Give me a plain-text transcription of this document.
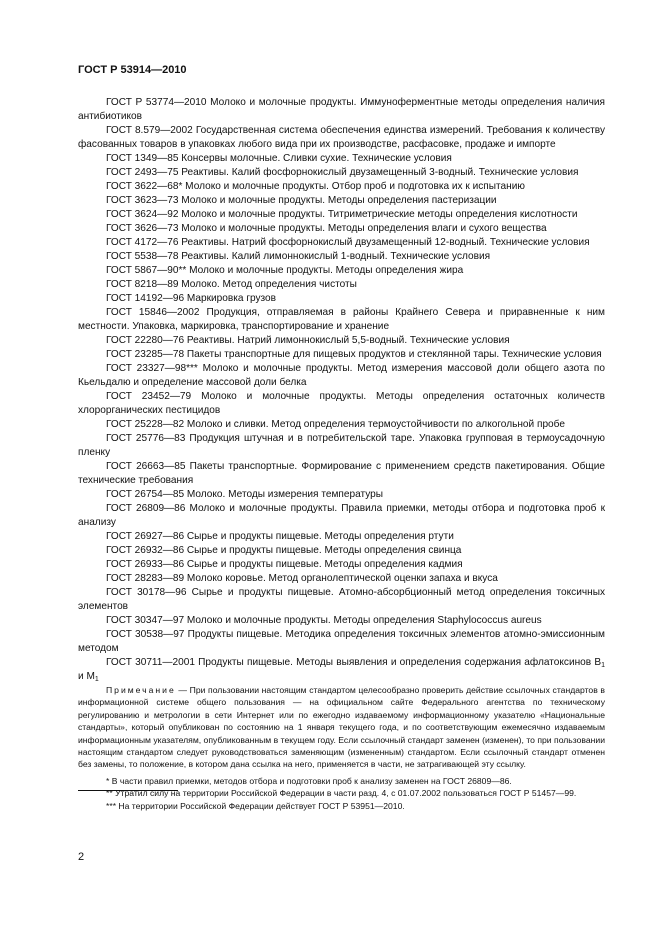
ГОСТ Р 53914—2010

ГОСТ Р 53774—2010 Молоко и молочные продукты. Иммуноферментные методы определения наличия антибиотиков

ГОСТ 8.579—2002 Государственная система обеспечения единства измерений. Требования к количеству фасованных товаров в упаковках любого вида при их производстве, расфасовке, продаже и импорте

ГОСТ 1349—85 Консервы молочные. Сливки сухие. Технические условия

ГОСТ 2493—75 Реактивы. Калий фосфорнокислый двузамещенный 3-водный. Технические условия

ГОСТ 3622—68* Молоко и молочные продукты. Отбор проб и подготовка их к испытанию

ГОСТ 3623—73 Молоко и молочные продукты. Методы определения пастеризации

ГОСТ 3624—92 Молоко и молочные продукты. Титриметрические методы определения кислотности

ГОСТ 3626—73 Молоко и молочные продукты. Методы определения влаги и сухого вещества

ГОСТ 4172—76 Реактивы. Натрий фосфорнокислый двузамещенный 12-водный. Технические условия

ГОСТ 5538—78 Реактивы. Калий лимоннокислый 1-водный. Технические условия

ГОСТ 5867—90** Молоко и молочные продукты. Методы определения жира

ГОСТ 8218—89 Молоко. Метод определения чистоты

ГОСТ 14192—96 Маркировка грузов

ГОСТ 15846—2002 Продукция, отправляемая в районы Крайнего Севера и приравненные к ним местности. Упаковка, маркировка, транспортирование и хранение

ГОСТ 22280—76 Реактивы. Натрий лимоннокислый 5,5-водный. Технические условия

ГОСТ 23285—78 Пакеты транспортные для пищевых продуктов и стеклянной тары. Технические условия

ГОСТ 23327—98*** Молоко и молочные продукты. Метод измерения массовой доли общего азота по Кьельдалю и определение массовой доли белка

ГОСТ 23452—79 Молоко и молочные продукты. Методы определения остаточных количеств хлорорганических пестицидов

ГОСТ 25228—82 Молоко и сливки. Метод определения термоустойчивости по алкогольной пробе

ГОСТ 25776—83 Продукция штучная и в потребительской таре. Упаковка групповая в термоусадочную пленку

ГОСТ 26663—85 Пакеты транспортные. Формирование с применением средств пакетирования. Общие технические требования

ГОСТ 26754—85 Молоко. Методы измерения температуры

ГОСТ 26809—86 Молоко и молочные продукты. Правила приемки, методы отбора и подготовка проб к анализу

ГОСТ 26927—86 Сырье и продукты пищевые. Методы определения ртути

ГОСТ 26932—86 Сырье и продукты пищевые. Методы определения свинца

ГОСТ 26933—86 Сырье и продукты пищевые. Методы определения кадмия

ГОСТ 28283—89 Молоко коровье. Метод органолептической оценки запаха и вкуса

ГОСТ 30178—96 Сырье и продукты пищевые. Атомно-абсорбционный метод определения токсичных элементов

ГОСТ 30347—97 Молоко и молочные продукты. Методы определения Staphylococcus aureus

ГОСТ 30538—97 Продукты пищевые. Методика определения токсичных элементов атомно-эмиссионным методом

ГОСТ 30711—2001 Продукты пищевые. Методы выявления и определения содержания афлатоксинов $B_1$ и $M_1$

Примечание — При пользовании настоящим стандартом целесообразно проверить действие ссылочных стандартов в информационной системе общего пользования — на официальном сайте Федерального агентства по техническому регулированию и метрологии в сети Интернет или по ежегодно издаваемому информационному указателю «Национальные стандарты», который опубликован по состоянию на 1 января текущего года, и по соответствующим ежемесячно издаваемым информационным указателям, опубликованным в текущем году. Если ссылочный стандарт заменен (изменен), то при пользовании настоящим стандартом следует руководствоваться заменяющим (измененным) стандартом. Если ссылочный стандарт отменен без замены, то положение, в котором дана ссылка на него, применяется в части, не затрагивающей эту ссылку.

* В части правил приемки, методов отбора и подготовки проб к анализу заменен на ГОСТ 26809—86.

** Утратил силу на территории Российской Федерации в части разд. 4, с 01.07.2002 пользоваться ГОСТ Р 51457—99.

*** На территории Российской Федерации действует ГОСТ Р 53951—2010.

2
